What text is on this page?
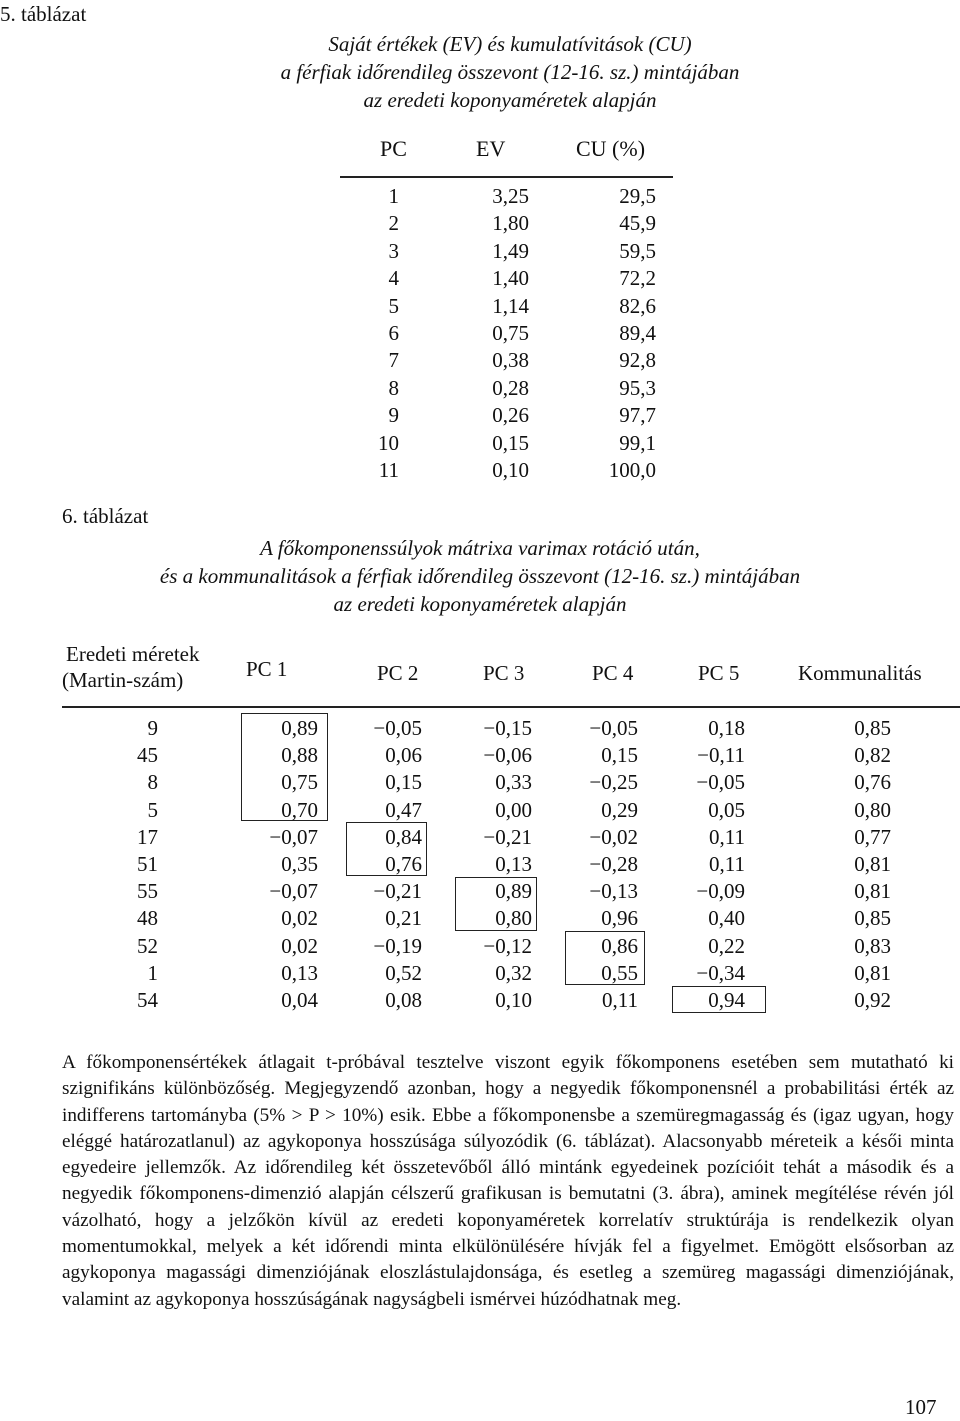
5. táblázat
Saját értékek (EV) és kumulatívitások (CU)
a férfiak időrendileg összevont (12-16. sz.) mintájában
az eredeti koponyaméretek alapján
PC	EV	CU (%)
1	3,25	29,5
2	1,80	45,9
3	1,49	59,5
4	1,40	72,2
5	1,14	82,6
6	0,75	89,4
7	0,38	92,8
8	0,28	95,3
9	0,26	97,7
10	0,15	99,1
11	0,10	100,0
6. táblázat
A főkomponenssúlyok mátrixa varimax rotáció után,
és a kommunalitások a férfiak időrendileg összevont (12-16. sz.) mintájában
az eredeti koponyaméretek alapján
Eredeti méretek
(Martin-szám)	PC 1	PC 2	PC 3	PC 4	PC 5	Kommunalitás
9	0,89	−0,05	−0,15	−0,05	0,18	0,85
45	0,88	0,06	−0,06	0,15	−0,11	0,82
8	0,75	0,15	0,33	−0,25	−0,05	0,76
5	0,70	0,47	0,00	0,29	0,05	0,80
17	−0,07	0,84	−0,21	−0,02	0,11	0,77
51	0,35	0,76	0,13	−0,28	0,11	0,81
55	−0,07	−0,21	0,89	−0,13	−0,09	0,81
48	0,02	0,21	0,80	0,96	0,40	0,85
52	0,02	−0,19	−0,12	0,86	0,22	0,83
1	0,13	0,52	0,32	0,55	−0,34	0,81
54	0,04	0,08	0,10	0,11	0,94	0,92

A főkomponensértékek átlagait t-próbával tesztelve viszont egyik főkomponens esetében sem mutatható ki szignifikáns különbözőség. Megjegyzendő azonban, hogy a negyedik főkomponensnél a probabilitási érték az indifferens tartományba (5% > P > 10%) esik. Ebbe a főkomponensbe a szemüregmagasság és (igaz ugyan, hogy eléggé határozatlanul) az agykoponya hosszúsága súlyozódik (6. táblázat). Alacsonyabb méreteik a késői minta egyedeire jellemzők. Az időrendileg két összetevőből álló mintánk egyedeinek pozícióit tehát a második és a negyedik főkomponens-dimenzió alapján célszerű grafikusan is bemutatni (3. ábra), aminek megítélése révén jól vázolható, hogy a jelzőkön kívül az eredeti koponyaméretek korrelatív struktúrája is rendelkezik olyan momentumokkal, melyek a két időrendi minta elkülönülésére hívják fel a figyelmet. Emögött elsősorban az agykoponya magassági dimenziójának eloszlástulajdonsága, és esetleg a szemüreg magassági dimenziójának, valamint az agykoponya hosszúságának nagyságbeli ismérvei húzódhatnak meg.

107
